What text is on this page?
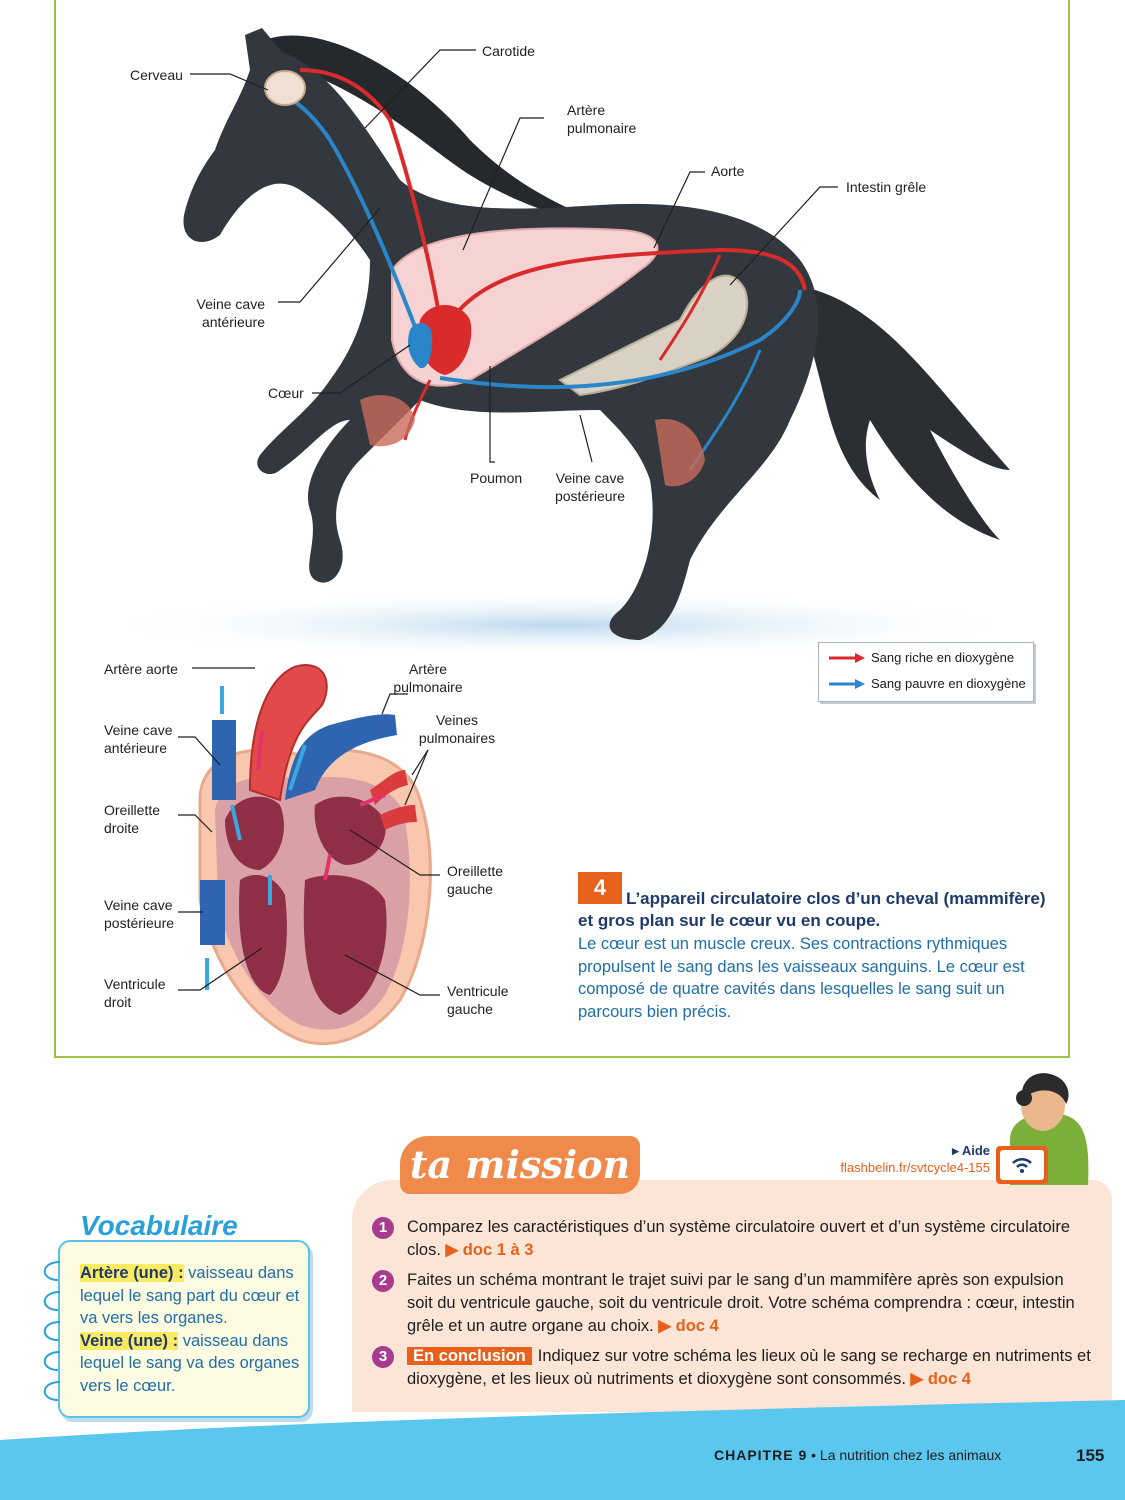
Cerveau
Carotide
Artère
pulmonaire
Aorte
Intestin grêle
Veine cave
antérieure
Cœur
Poumon	Veine cave
postérieure
Sang riche en dioxygène
Sang pauvre en dioxygène
Artère aorte
Veine cave
antérieure
Oreillette
droite
Veine cave
postérieure
Ventricule
droit
Artère
pulmonaire
Veines
pulmonaires
Oreillette
gauche
Ventricule
gauche
4	L’appareil circulatoire clos d’un cheval (mammifère) et gros plan sur le cœur vu en coupe.
Le cœur est un muscle creux. Ses contractions rythmiques propulsent le sang dans les vaisseaux sanguins. Le cœur est composé de quatre cavités dans lesquelles le sang suit un parcours bien précis.
ta mission	▸ Aide
flashbelin.fr/svtcycle4-155
1	Comparez les caractéristiques d’un système circulatoire ouvert et d’un système circulatoire clos. ▶ doc 1 à 3
2	Faites un schéma montrant le trajet suivi par le sang d’un mammifère après son expulsion soit du ventricule gauche, soit du ventricule droit. Votre schéma comprendra : cœur, intestin grêle et un autre organe au choix. ▶ doc 4
3	En conclusion Indiquez sur votre schéma les lieux où le sang se recharge en nutriments et dioxygène, et les lieux où nutriments et dioxygène sont consommés. ▶ doc 4
Vocabulaire
Artère (une) : vaisseau dans lequel le sang part du cœur et va vers les organes.
Veine (une) : vaisseau dans lequel le sang va des organes vers le cœur.
CHAPITRE 9 • La nutrition chez les animaux	155
